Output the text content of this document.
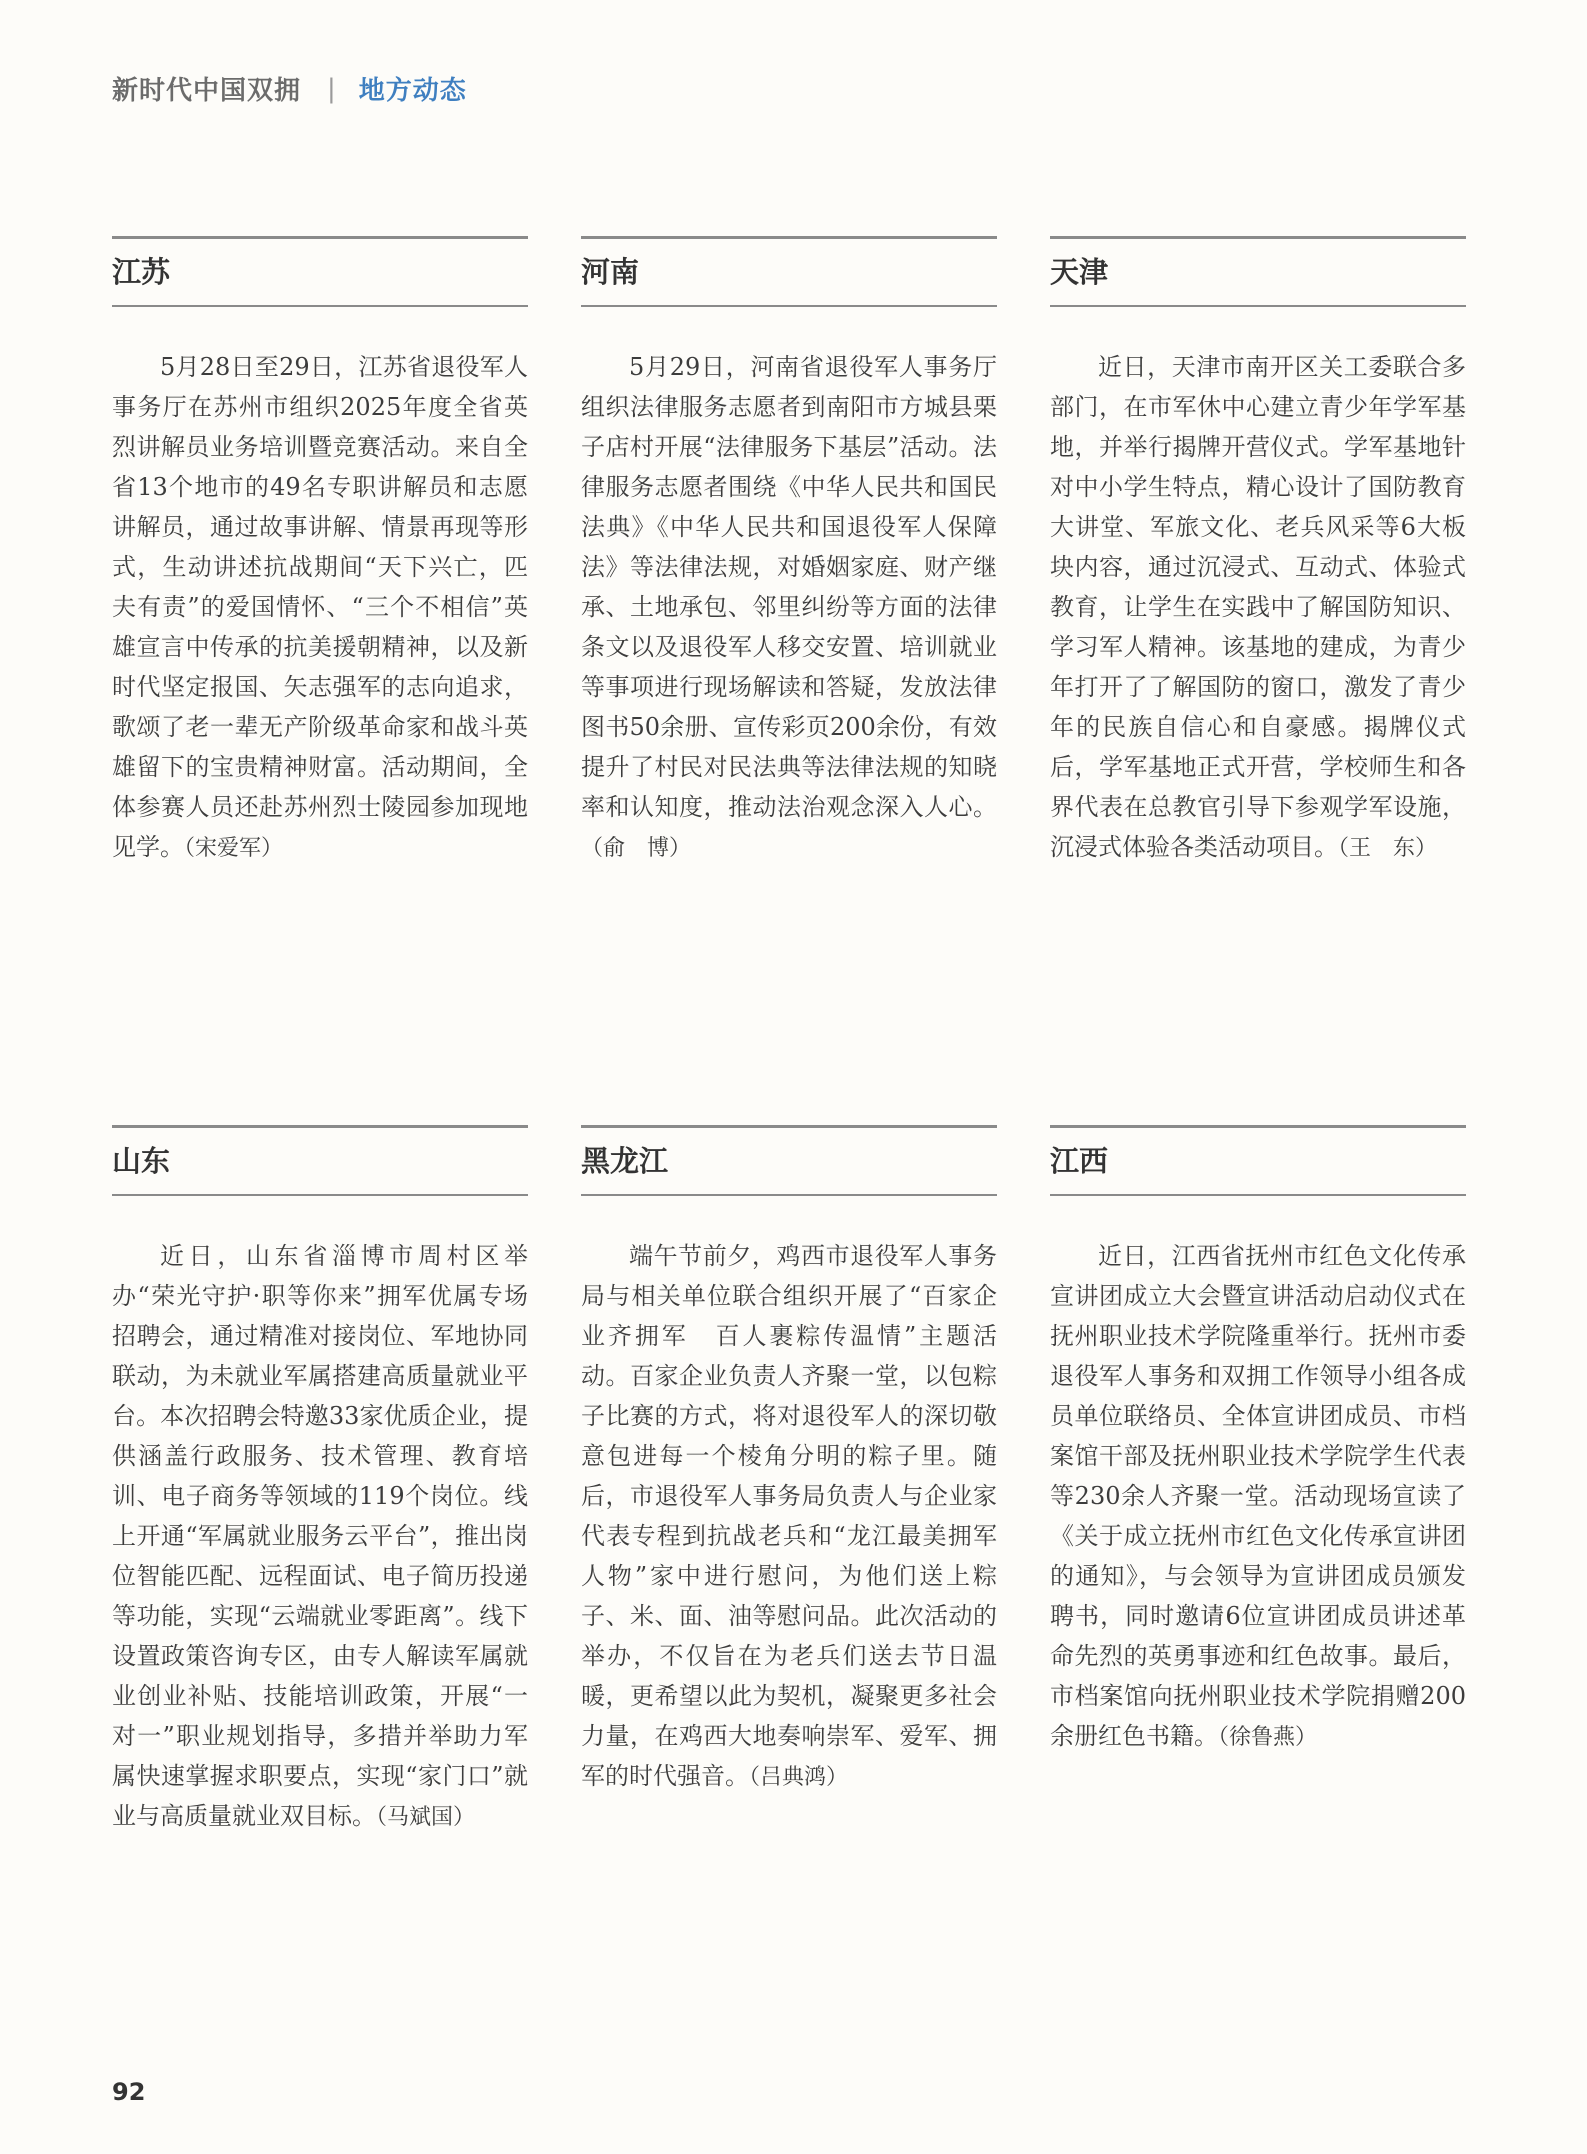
新时代中国双拥 | 地方动态
江苏

5月28日至29日，江苏省退役军人事务厅在苏州市组织2025年度全省英烈讲解员业务培训暨竞赛活动。来自全省13个地市的49名专职讲解员和志愿讲解员，通过故事讲解、情景再现等形式，生动讲述抗战期间“天下兴亡，匹夫有责”的爱国情怀、“三个不相信”英雄宣言中传承的抗美援朝精神，以及新时代坚定报国、矢志强军的志向追求，歌颂了老一辈无产阶级革命家和战斗英雄留下的宝贵精神财富。活动期间，全体参赛人员还赴苏州烈士陵园参加现地见学。（宋爱军）

河南

5月29日，河南省退役军人事务厅组织法律服务志愿者到南阳市方城县栗子店村开展“法律服务下基层”活动。法律服务志愿者围绕《中华人民共和国民法典》《中华人民共和国退役军人保障法》等法律法规，对婚姻家庭、财产继承、土地承包、邻里纠纷等方面的法律条文以及退役军人移交安置、培训就业等事项进行现场解读和答疑，发放法律图书50余册、宣传彩页200余份，有效提升了村民对民法典等法律法规的知晓率和认知度，推动法治观念深入人心。（俞　博）

天津

近日，天津市南开区关工委联合多部门，在市军休中心建立青少年学军基地，并举行揭牌开营仪式。学军基地针对中小学生特点，精心设计了国防教育大讲堂、军旅文化、老兵风采等6大板块内容，通过沉浸式、互动式、体验式教育，让学生在实践中了解国防知识、学习军人精神。该基地的建成，为青少年打开了了解国防的窗口，激发了青少年的民族自信心和自豪感。揭牌仪式后，学军基地正式开营，学校师生和各界代表在总教官引导下参观学军设施，沉浸式体验各类活动项目。（王　东）

山东

近日，山东省淄博市周村区举办“荣光守护·职等你来”拥军优属专场招聘会，通过精准对接岗位、军地协同联动，为未就业军属搭建高质量就业平台。本次招聘会特邀33家优质企业，提供涵盖行政服务、技术管理、教育培训、电子商务等领域的119个岗位。线上开通“军属就业服务云平台”，推出岗位智能匹配、远程面试、电子简历投递等功能，实现“云端就业零距离”。线下设置政策咨询专区，由专人解读军属就业创业补贴、技能培训政策，开展“一对一”职业规划指导，多措并举助力军属快速掌握求职要点，实现“家门口”就业与高质量就业双目标。（马斌国）

黑龙江

端午节前夕，鸡西市退役军人事务局与相关单位联合组织开展了“百家企业齐拥军　百人裹粽传温情”主题活动。百家企业负责人齐聚一堂，以包粽子比赛的方式，将对退役军人的深切敬意包进每一个棱角分明的粽子里。随后，市退役军人事务局负责人与企业家代表专程到抗战老兵和“龙江最美拥军人物”家中进行慰问，为他们送上粽子、米、面、油等慰问品。此次活动的举办，不仅旨在为老兵们送去节日温暖，更希望以此为契机，凝聚更多社会力量，在鸡西大地奏响崇军、爱军、拥军的时代强音。（吕典鸿）

江西

近日，江西省抚州市红色文化传承宣讲团成立大会暨宣讲活动启动仪式在抚州职业技术学院隆重举行。抚州市委退役军人事务和双拥工作领导小组各成员单位联络员、全体宣讲团成员、市档案馆干部及抚州职业技术学院学生代表等230余人齐聚一堂。活动现场宣读了《关于成立抚州市红色文化传承宣讲团的通知》，与会领导为宣讲团成员颁发聘书，同时邀请6位宣讲团成员讲述革命先烈的英勇事迹和红色故事。最后，市档案馆向抚州职业技术学院捐赠200余册红色书籍。（徐鲁燕）

92
